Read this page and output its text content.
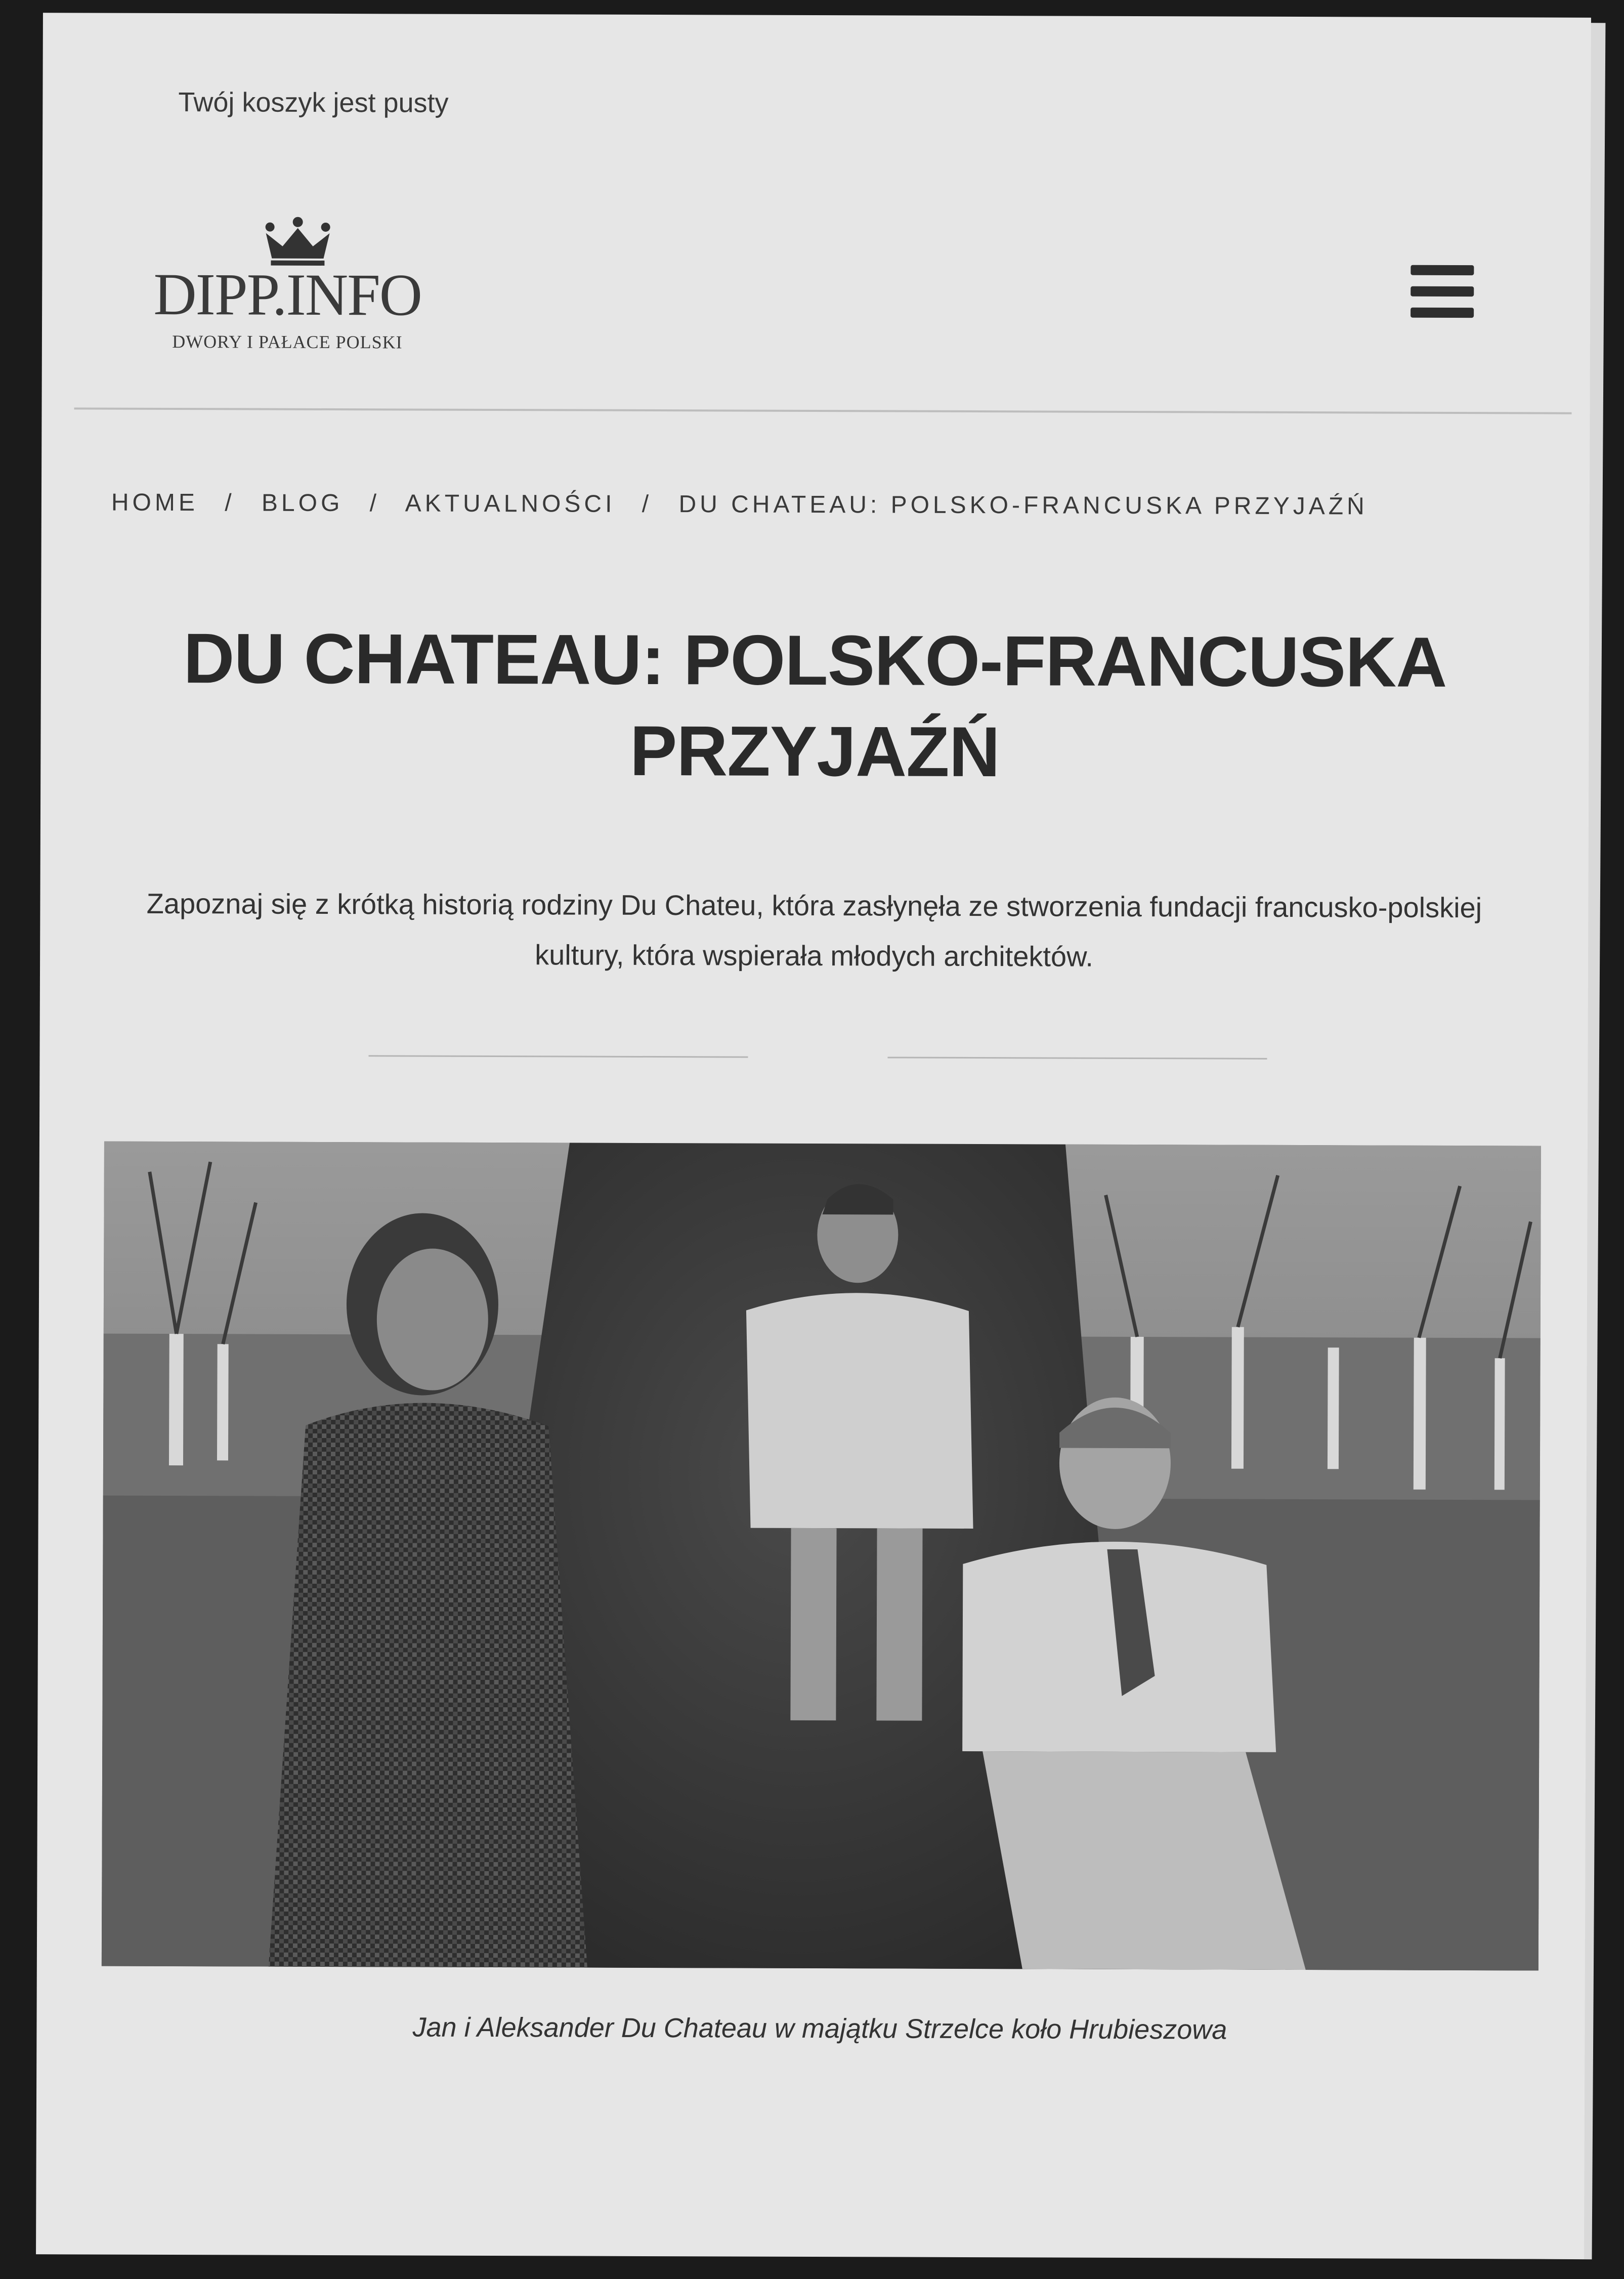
Twój koszyk jest pusty
DIPP.INFO
DWORY I PAŁACE POLSKI
HOME / BLOG / AKTUALNOŚCI / DU CHATEAU: POLSKO-FRANCUSKA PRZYJAŹŃ
DU CHATEAU: POLSKO-FRANCUSKA
PRZYJAŹŃ
Zapoznaj się z krótką historią rodziny Du Chateu, która zasłynęła ze stworzenia fundacji francusko-polskiej
kultury, która wspierała młodych architektów.
Jan i Aleksander Du Chateau w majątku Strzelce koło Hrubieszowa
